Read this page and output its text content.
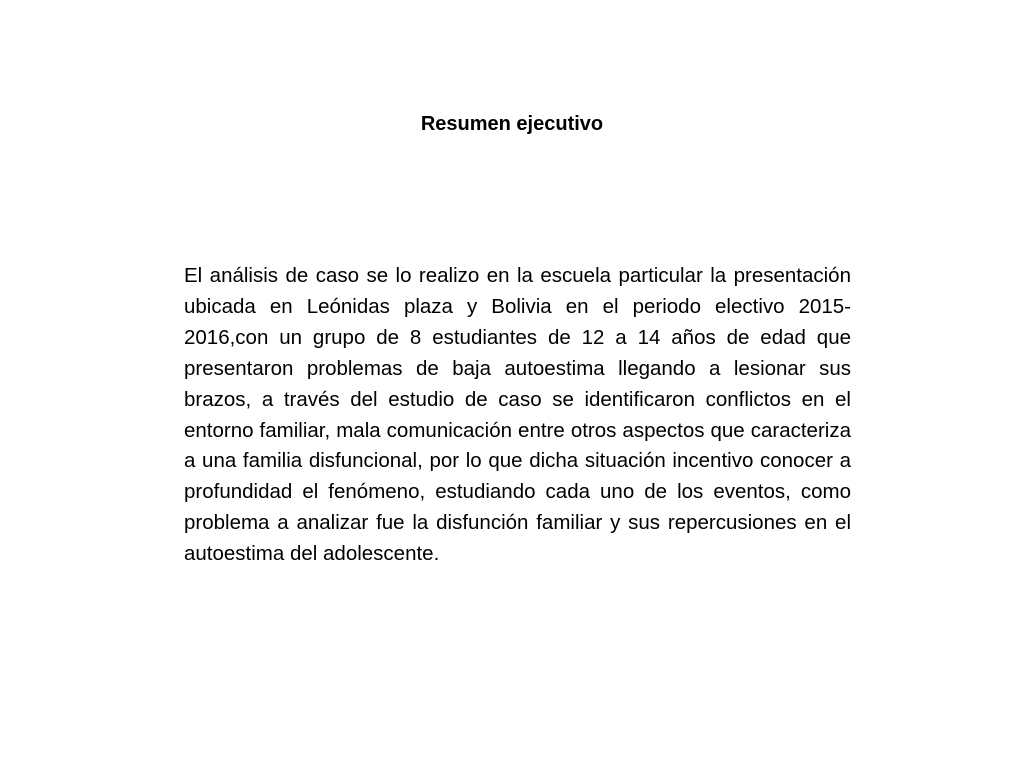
Resumen ejecutivo

El análisis de caso se lo realizo en la escuela particular la presentación ubicada en Leónidas plaza y Bolivia en el periodo electivo 2015-2016,con un grupo de 8 estudiantes de 12 a 14 años de edad que presentaron problemas de baja autoestima llegando a lesionar sus brazos, a través del estudio de caso se identificaron conflictos en el entorno familiar, mala comunicación entre otros aspectos que caracteriza a una familia disfuncional, por lo que dicha situación incentivo conocer a profundidad el fenómeno, estudiando cada uno de los eventos, como problema a analizar fue la disfunción familiar y sus repercusiones en el autoestima del adolescente.
